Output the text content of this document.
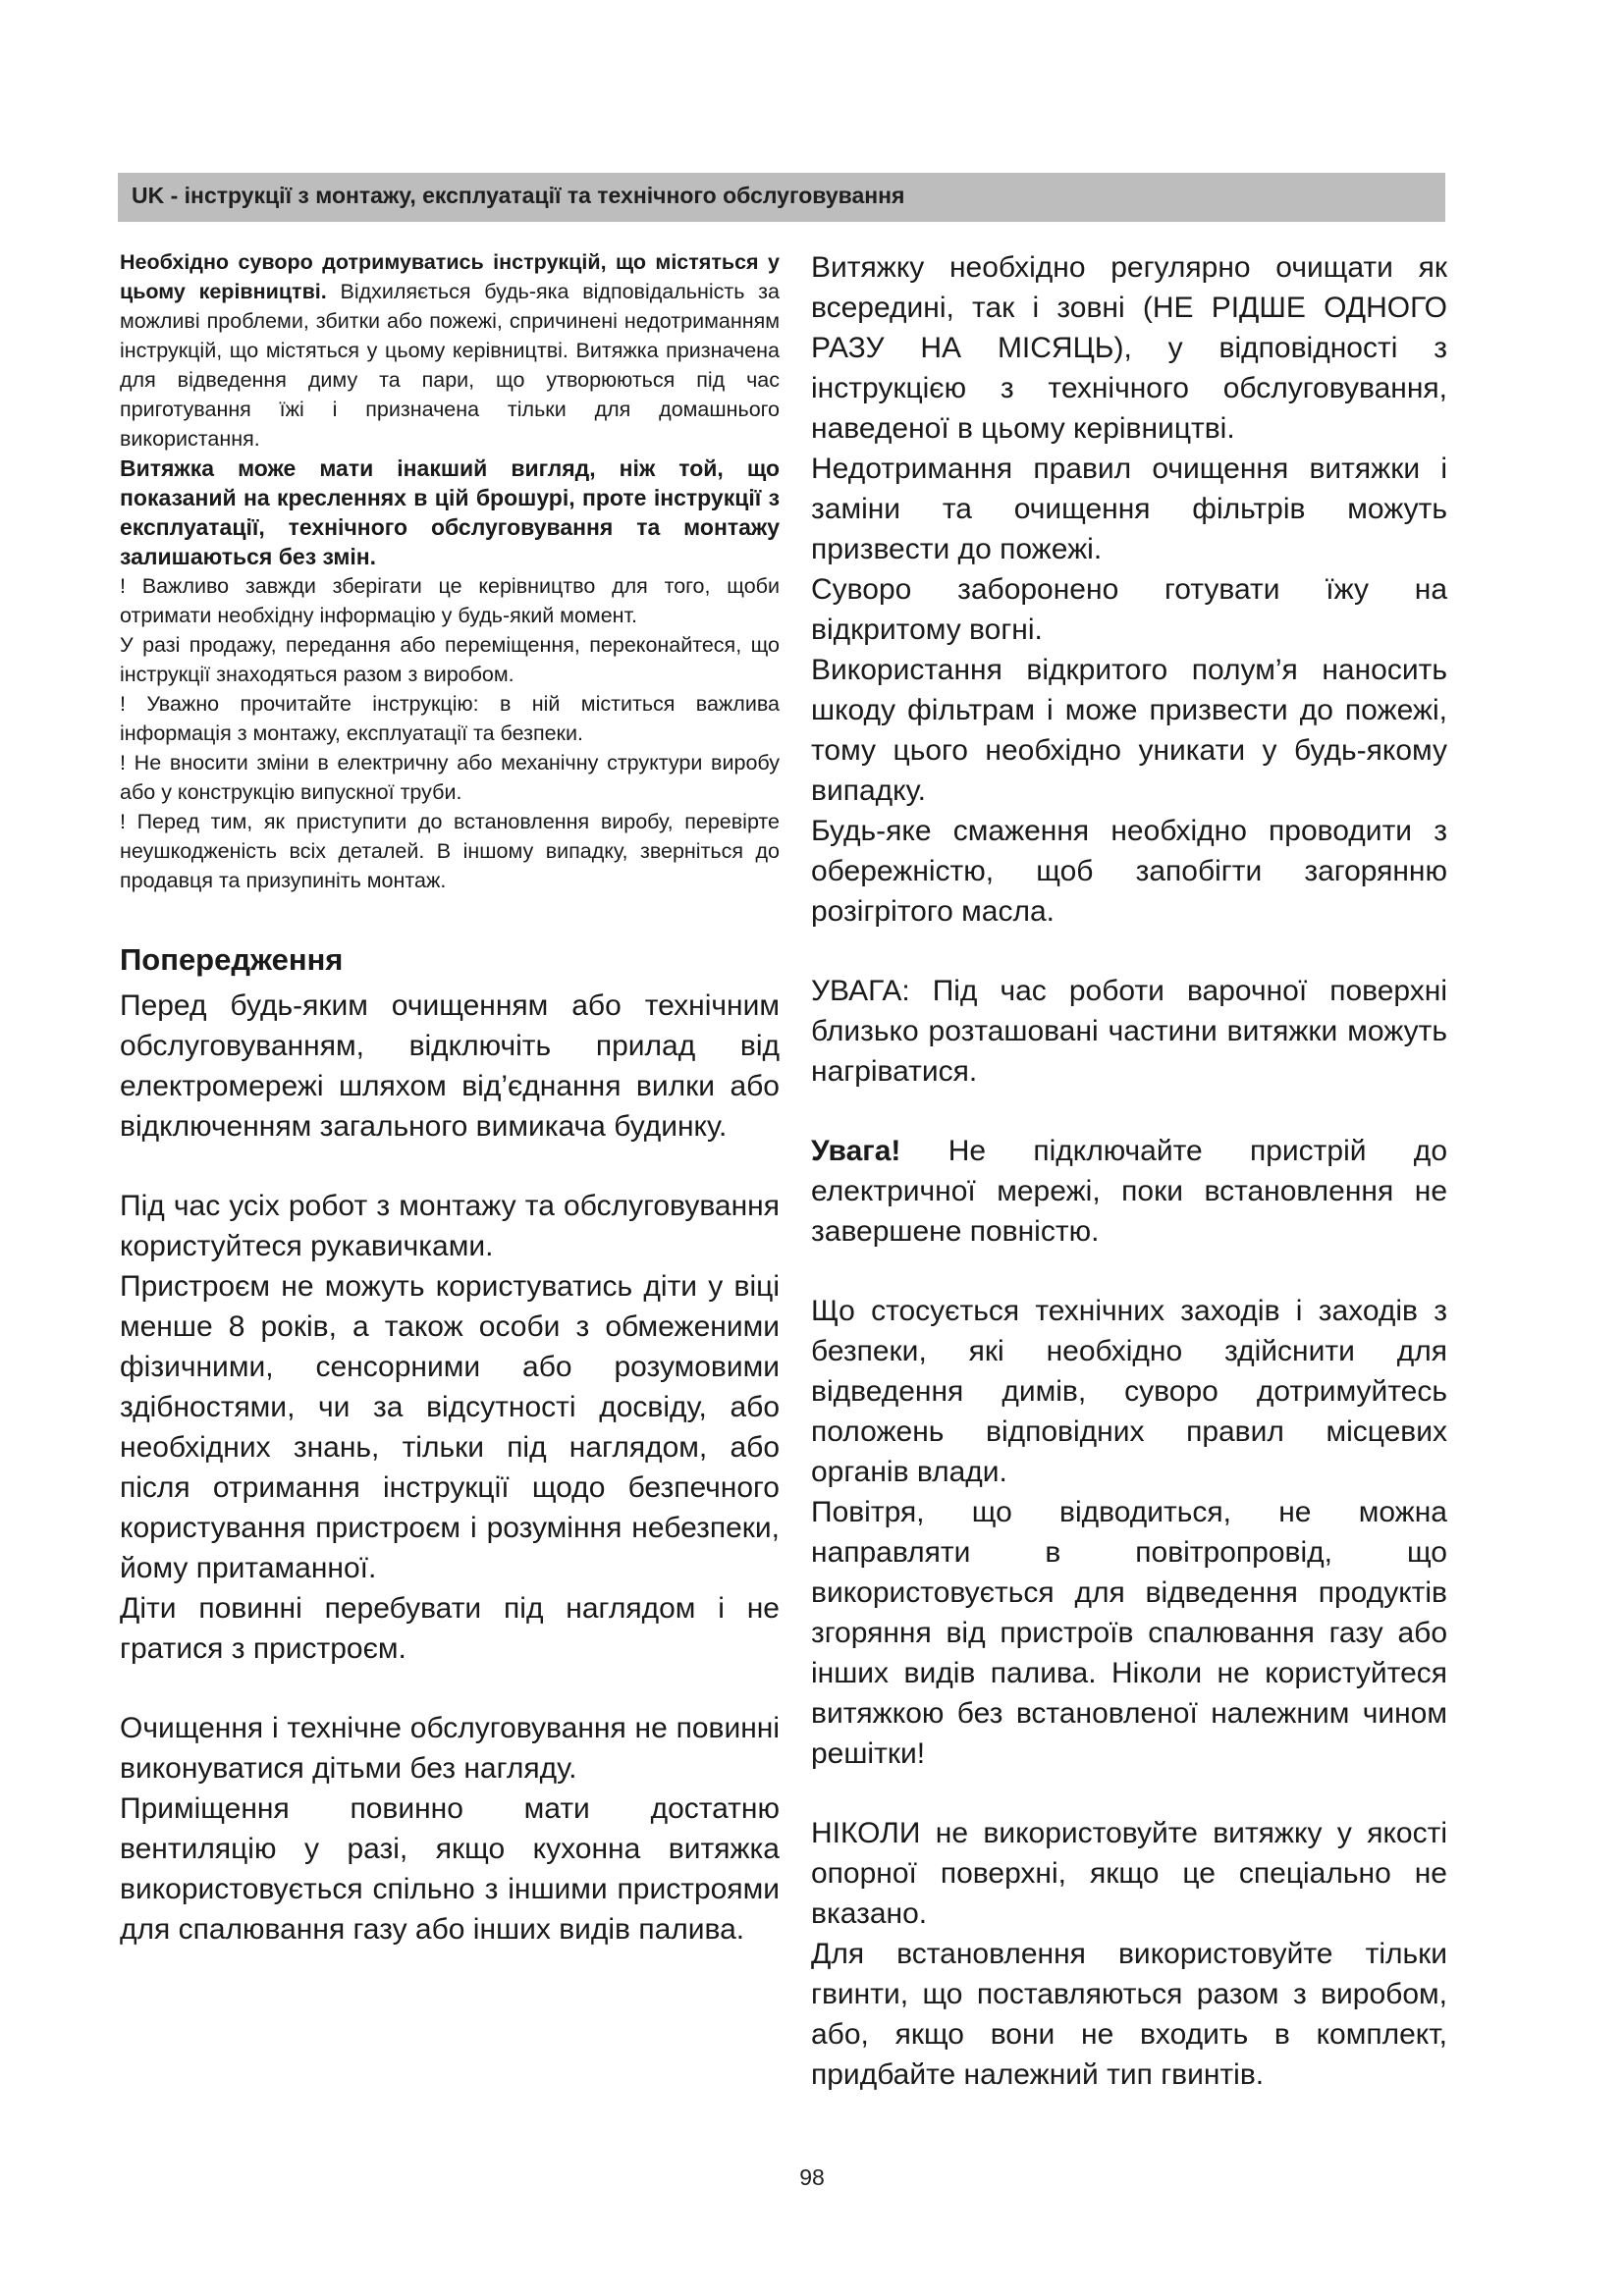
UK - інструкції з монтажу, експлуатації та технічного обслуговування

Необхідно суворо дотримуватись інструкцій, що містяться у цьому керівництві. Відхиляється будь-яка відповідальність за можливі проблеми, збитки або пожежі, спричинені недотриманням інструкцій, що містяться у цьому керівництві. Витяжка призначена для відведення диму та пари, що утворюються під час приготування їжі і призначена тільки для домашнього використання.

Витяжка може мати інакший вигляд, ніж той, що показаний на кресленнях в цій брошурі, проте інструкції з експлуатації, технічного обслуговування та монтажу залишаються без змін.

! Важливо завжди зберігати це керівництво для того, щоби отримати необхідну інформацію у будь-який момент.

У разі продажу, передання або переміщення, переконайтеся, що інструкції знаходяться разом з виробом.

! Уважно прочитайте інструкцію: в ній міститься важлива інформація з монтажу, експлуатації та безпеки.

! Не вносити зміни в електричну або механічну структури виробу або у конструкцію випускної труби.

! Перед тим, як приступити до встановлення виробу, перевірте неушкодженість всіх деталей. В іншому випадку, зверніться до продавця та призупиніть монтаж.

Попередження

Перед будь-яким очищенням або технічним обслуговуванням, відключіть прилад від електромережі шляхом від’єднання вилки або відключенням загального вимикача будинку.

Під час усіх робот з монтажу та обслуговування користуйтеся рукавичками.

Пристроєм не можуть користуватись діти у віці менше 8 років, а також особи з обмеженими фізичними, сенсорними або розумовими здібностями, чи за відсутності досвіду, або необхідних знань, тільки під наглядом, або після отримання інструкції щодо безпечного користування пристроєм і розуміння небезпеки, йому притаманної.

Діти повинні перебувати під наглядом і не гратися з пристроєм.

Очищення і технічне обслуговування не повинні виконуватися дітьми без нагляду.

Приміщення повинно мати достатню вентиляцію у разі, якщо кухонна витяжка використовується спільно з іншими пристроями для спалювання газу або інших видів палива.

Витяжку необхідно регулярно очищати як всередині, так і зовні (НЕ РІДШЕ ОДНОГО РАЗУ НА МІСЯЦЬ), у відповідності з інструкцією з технічного обслуговування, наведеної в цьому керівництві.

Недотримання правил очищення витяжки і заміни та очищення фільтрів можуть призвести до пожежі.

Суворо заборонено готувати їжу на відкритому вогні.

Використання відкритого полум’я наносить шкоду фільтрам і може призвести до пожежі, тому цього необхідно уникати у будь-якому випадку.

Будь-яке смаження необхідно проводити з обережністю, щоб запобігти загорянню розігрітого масла.

УВАГА: Під час роботи варочної поверхні близько розташовані частини витяжки можуть нагріватися.

Увага! Не підключайте пристрій до електричної мережі, поки встановлення не завершене повністю.

Що стосується технічних заходів і заходів з безпеки, які необхідно здійснити для відведення димів, суворо дотримуйтесь положень відповідних правил місцевих органів влади.

Повітря, що відводиться, не можна направляти в повітропровід, що використовується для відведення продуктів згоряння від пристроїв спалювання газу або інших видів палива. Ніколи не користуйтеся витяжкою без встановленої належним чином решітки!

НІКОЛИ не використовуйте витяжку у якості опорної поверхні, якщо це спеціально не вказано.

Для встановлення використовуйте тільки гвинти, що поставляються разом з виробом, або, якщо вони не входить в комплект, придбайте належний тип гвинтів.

98
